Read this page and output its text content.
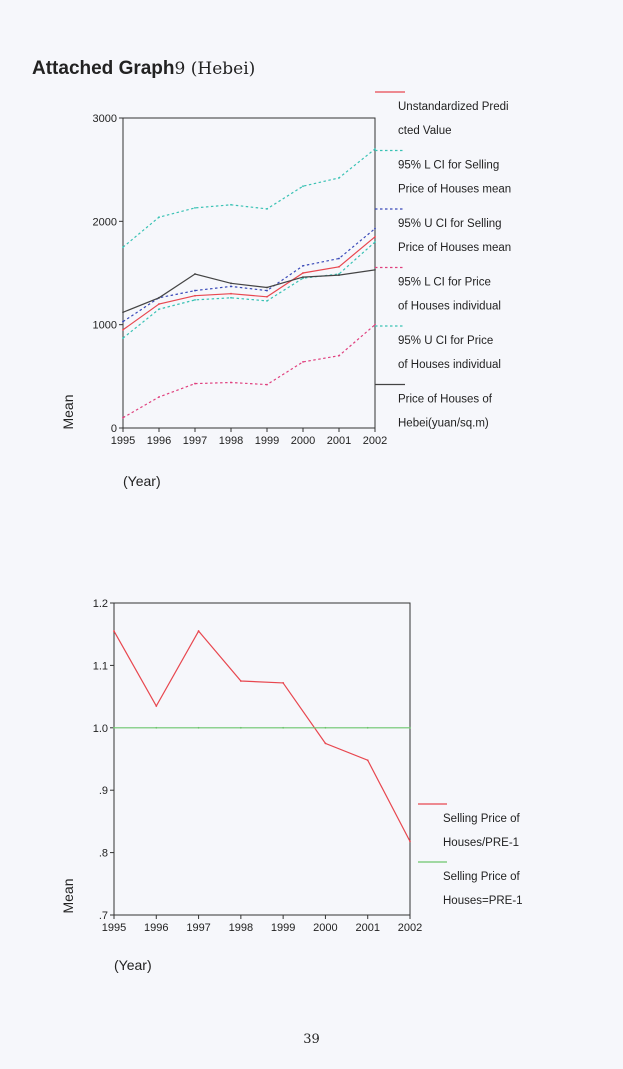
Attached Graph9 (Hebei)
0
1000
2000
3000
1995 1996 1997 1998 1999 2000 2001 2002
Mean
(Year)
Unstandardized Predi
cted Value
95% L CI for Selling
Price of Houses mean
95% U CI for Selling
Price of Houses mean
95% L CI for Price
of Houses individual
95% U CI for Price
of Houses individual
Price of Houses of
Hebei(yuan/sq.m)
.7
.8
.9
1.0
1.1
1.2
1995 1996 1997 1998 1999 2000 2001 2002
Mean
(Year)
Selling Price of
Houses/PRE-1
Selling Price of
Houses=PRE-1
39
